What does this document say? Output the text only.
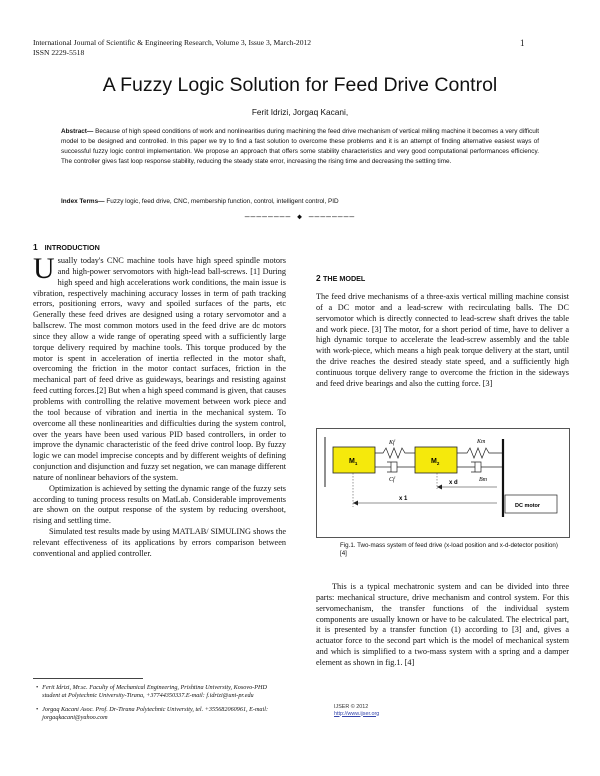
International Journal of Scientific & Engineering Research, Volume 3, Issue 3, March-2012
ISSN 2229-5518
1
A Fuzzy Logic Solution for Feed Drive Control
Ferit Idrizi, Jorgaq Kacani,
Abstract— Because of high speed conditions of work and nonlinearities during machining the feed drive mechanism of vertical milling machine it becomes a very difficult model to be designed and controlled. In this paper we try to find a fast solution to overcome these problems and it is an attempt of finding alternative easiest ways of successful fuzzy logic control implementation. We propose an approach that offers some stability characteristics and very good computational performances efficiency. The controller gives fast loop response stability, reducing the steady state error, increasing the rising time and decreasing the settling time.
Index Terms— Fuzzy logic, feed drive, CNC, membership function, control, intelligent control, PID
———————— ◆ ————————
1 INTRODUCTION

Usually today's CNC machine tools have high speed spindle motors and high-power servomotors with high-lead ball-screws. [1] During high speed and high accelerations work conditions, the main issue is vibration, respectively machining accuracy losses in term of path tracking errors, positioning errors, wavy and spoiled surfaces of the parts, etc Generally these feed drives are designed using a rotary servomotor and a ballscrew. The most common motors used in the feed drive are dc motors since they allow a wide range of operating speed with a sufficiently large torque delivery required by machine tools. This torque produced by the motor is spent in acceleration of inertia reflected in the motor shaft, overcoming the friction in the motor contact surfaces, friction in the mechanical part of feed drive as guideways, bearings and resisting against feed cutting forces.[2] But when a high speed command is given, that causes problems with controlling the relative movement between work piece and the tool because of vibration and inertia in the mechanical system. To overcome all these nonlinearities and difficulties during the system control, over the years have been used various PID based controllers, in order to improve the dynamic characteristic of the feed drive control loop. By fuzzy logic we can model imprecise concepts and by different weights of defining conjunction and disjunction and fuzzy set negation, we can manage different nature of nonlinear behaviors of the system.

Optimization is achieved by setting the dynamic range of the fuzzy sets according to tuning process results on MatLab. Considerable improvements are shown on the output response of the system by reducing overshoot, rising and settling time.

Simulated test results made by using MATLAB/ SIMULING shows the relevant effectiveness of its applications by errors comparison between conventional and applied controller.

• Ferit Idrizi, Mr.sc. Faculty of Mechanical Engineering, Prishtina University, Kosovo-PHD student at Polytechnic University-Tirana, +37744350337.E-mail: f.idrizi@uni-pr.edu
• Jorgaq Kacani Asoc. Prof. Dr-Tirana Polytechnic University, tel. +355682060961, E-mail: jorgaqkacani@yahoo.com
2 THE MODEL
The feed drive mechanisms of a three-axis vertical milling machine consist of a DC motor and a lead-screw with recirculating balls. The DC servomotor which is directly connected to lead-screw shaft drives the table and work piece. [3] The motor, for a short period of time, have to deliver a high dynamic torque to accelerate the lead-screw assembly and the table with work-piece, which means a high peak torque delivery at the start, until the drive reaches the desired steady state speed, and a sufficiently high continuous torque delivery range to overcome the friction in the sideways and feed drive bearings and also the cutting force. [3]
$M_1$
Kf
Cf
$M_2$
Km
Bm
DC motor
x 1
x d
Fig.1. Two-mass system of feed drive (x-load position and x-d-detector position) [4]
This is a typical mechatronic system and can be divided into three parts: mechanical structure, drive mechanism and control system. For this servomechanism, the transfer functions of the individual system components are usually known or have to be calculated. The electrical part, it is presented by a transfer function (1) according to [3] and, gives a actuator force to the second part which is the model of mechanical system and which is simplified to a two-mass system with a spring and a damper element as shown in fig.1. [4]
IJSER © 2012
http://www.ijser.org
